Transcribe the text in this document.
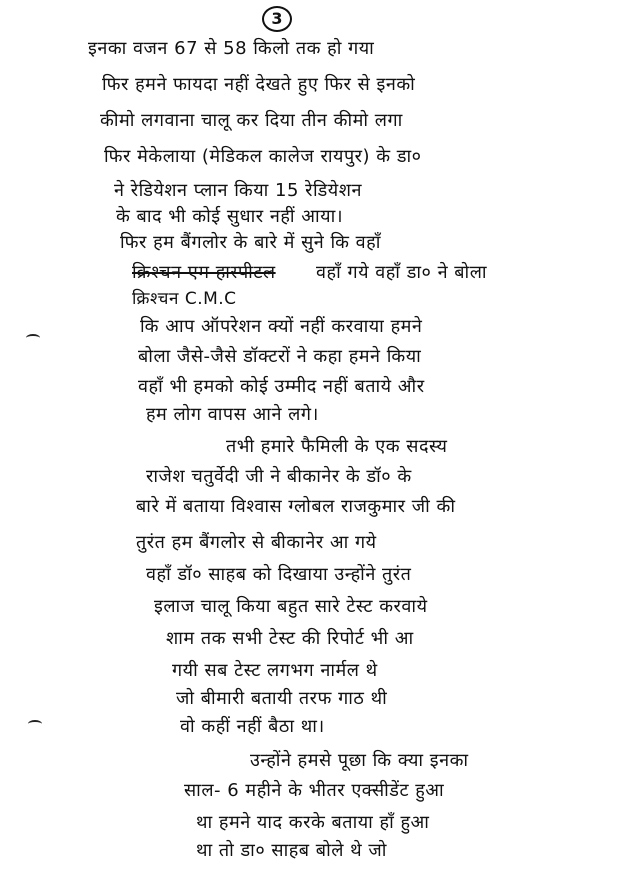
3
इनका वजन 67 से 58 किलो तक हो गया
फिर हमने फायदा नहीं देखते हुए फिर से इनको
कीमो लगवाना चालू कर दिया तीन कीमो लगा
फिर मेकेलाया (मेडिकल कालेज रायपुर) के डा०
ने रेडियेशन प्लान किया 15 रेडियेशन
के बाद भी कोई सुधार नहीं आया।
फिर हम बैंगलोर के बारे में सुने कि वहाँ
क्रिश्चन एम हास्पीटल वहाँ गये वहाँ डा० ने बोला
क्रिश्चन C.M.C
कि आप ऑपरेशन क्यों नहीं करवाया हमने
बोला जैसे-जैसे डॉक्टरों ने कहा हमने किया
वहाँ भी हमको कोई उम्मीद नहीं बताये और
हम लोग वापस आने लगे।
तभी हमारे फैमिली के एक सदस्य
राजेश चतुर्वेदी जी ने बीकानेर के डॉ० के
बारे में बताया विश्वास ग्लोबल राजकुमार जी की
तुरंत हम बैंगलोर से बीकानेर आ गये
वहाँ डॉ० साहब को दिखाया उन्होंने तुरंत
इलाज चालू किया बहुत सारे टेस्ट करवाये
शाम तक सभी टेस्ट की रिपोर्ट भी आ
गयी सब टेस्ट लगभग नार्मल थे
जो बीमारी बतायी तरफ गाठ थी
वो कहीं नहीं बैठा था।
उन्होंने हमसे पूछा कि क्या इनका
साल- 6 महीने के भीतर एक्सीडेंट हुआ
था हमने याद करके बताया हाँ हुआ
था तो डा० साहब बोले थे जो
